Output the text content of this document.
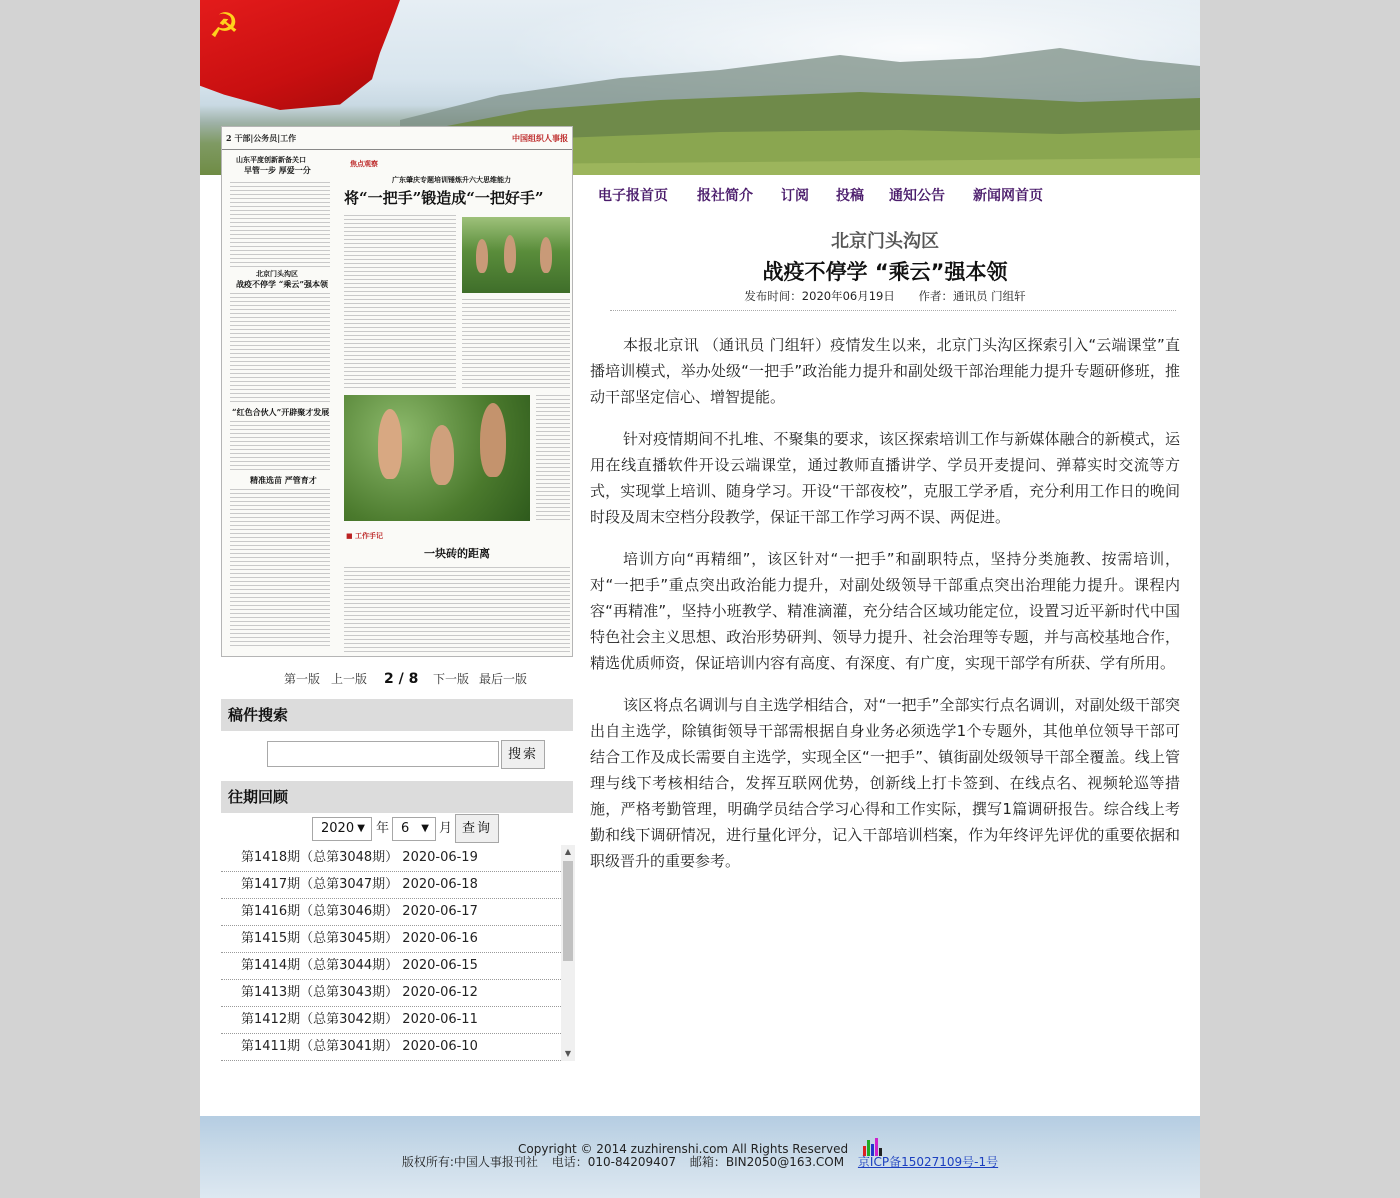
☭
2 干部|公务员|工作	中国组织人事报
山东平度创新新备关口
早管一步 厚爱一分
焦点观察
广东肇庆专题培训锤炼升六大思维能力
将“一把手”锻造成“一把好手”
北京门头沟区
战疫不停学 “乘云”强本领
“红色合伙人”开辟聚才发展
精准选苗 严管育才
■ 工作手记
一块砖的距离
第一版 上一版 2 / 8 下一版 最后一版
稿件搜索
搜索
往期回顾
2020 ▼ 年 6 ▼ 月 查询
第1418期（总第3048期） 2020-06-19
第1417期（总第3047期） 2020-06-18
第1416期（总第3046期） 2020-06-17
第1415期（总第3045期） 2020-06-16
第1414期（总第3044期） 2020-06-15
第1413期（总第3043期） 2020-06-12
第1412期（总第3042期） 2020-06-11
第1411期（总第3041期） 2020-06-10
▲
▼
电子报首页 报社简介 订阅 投稿 通知公告 新闻网首页
北京门头沟区
战疫不停学 “乘云”强本领
发布时间：2020年06月19日 作者：通讯员 门组轩

本报北京讯 （通讯员 门组轩）疫情发生以来，北京门头沟区探索引入“云端课堂”直播培训模式，举办处级“一把手”政治能力提升和副处级干部治理能力提升专题研修班，推动干部坚定信心、增智提能。

针对疫情期间不扎堆、不聚集的要求，该区探索培训工作与新媒体融合的新模式，运用在线直播软件开设云端课堂，通过教师直播讲学、学员开麦提问、弹幕实时交流等方式，实现掌上培训、随身学习。开设“干部夜校”，克服工学矛盾，充分利用工作日的晚间时段及周末空档分段教学，保证干部工作学习两不误、两促进。

培训方向“再精细”，该区针对“一把手”和副职特点，坚持分类施教、按需培训，对“一把手”重点突出政治能力提升，对副处级领导干部重点突出治理能力提升。课程内容“再精准”，坚持小班教学、精准滴灌，充分结合区域功能定位，设置习近平新时代中国特色社会主义思想、政治形势研判、领导力提升、社会治理等专题，并与高校基地合作，精选优质师资，保证培训内容有高度、有深度、有广度，实现干部学有所获、学有所用。

该区将点名调训与自主选学相结合，对“一把手”全部实行点名调训，对副处级干部突出自主选学，除镇街领导干部需根据自身业务必须选学1个专题外，其他单位领导干部可结合工作及成长需要自主选学，实现全区“一把手”、镇街副处级领导干部全覆盖。线上管理与线下考核相结合，发挥互联网优势，创新线上打卡签到、在线点名、视频轮巡等措施，严格考勤管理，明确学员结合学习心得和工作实际，撰写1篇调研报告。综合线上考勤和线下调研情况，进行量化评分，记入干部培训档案，作为年终评先评优的重要依据和职级晋升的重要参考。

Copyright © 2014 zuzhirenshi.com All Rights Reserved
版权所有:中国人事报刊社 电话：010-84209407 邮箱：BIN2050@163.COM 京ICP备15027109号-1号
